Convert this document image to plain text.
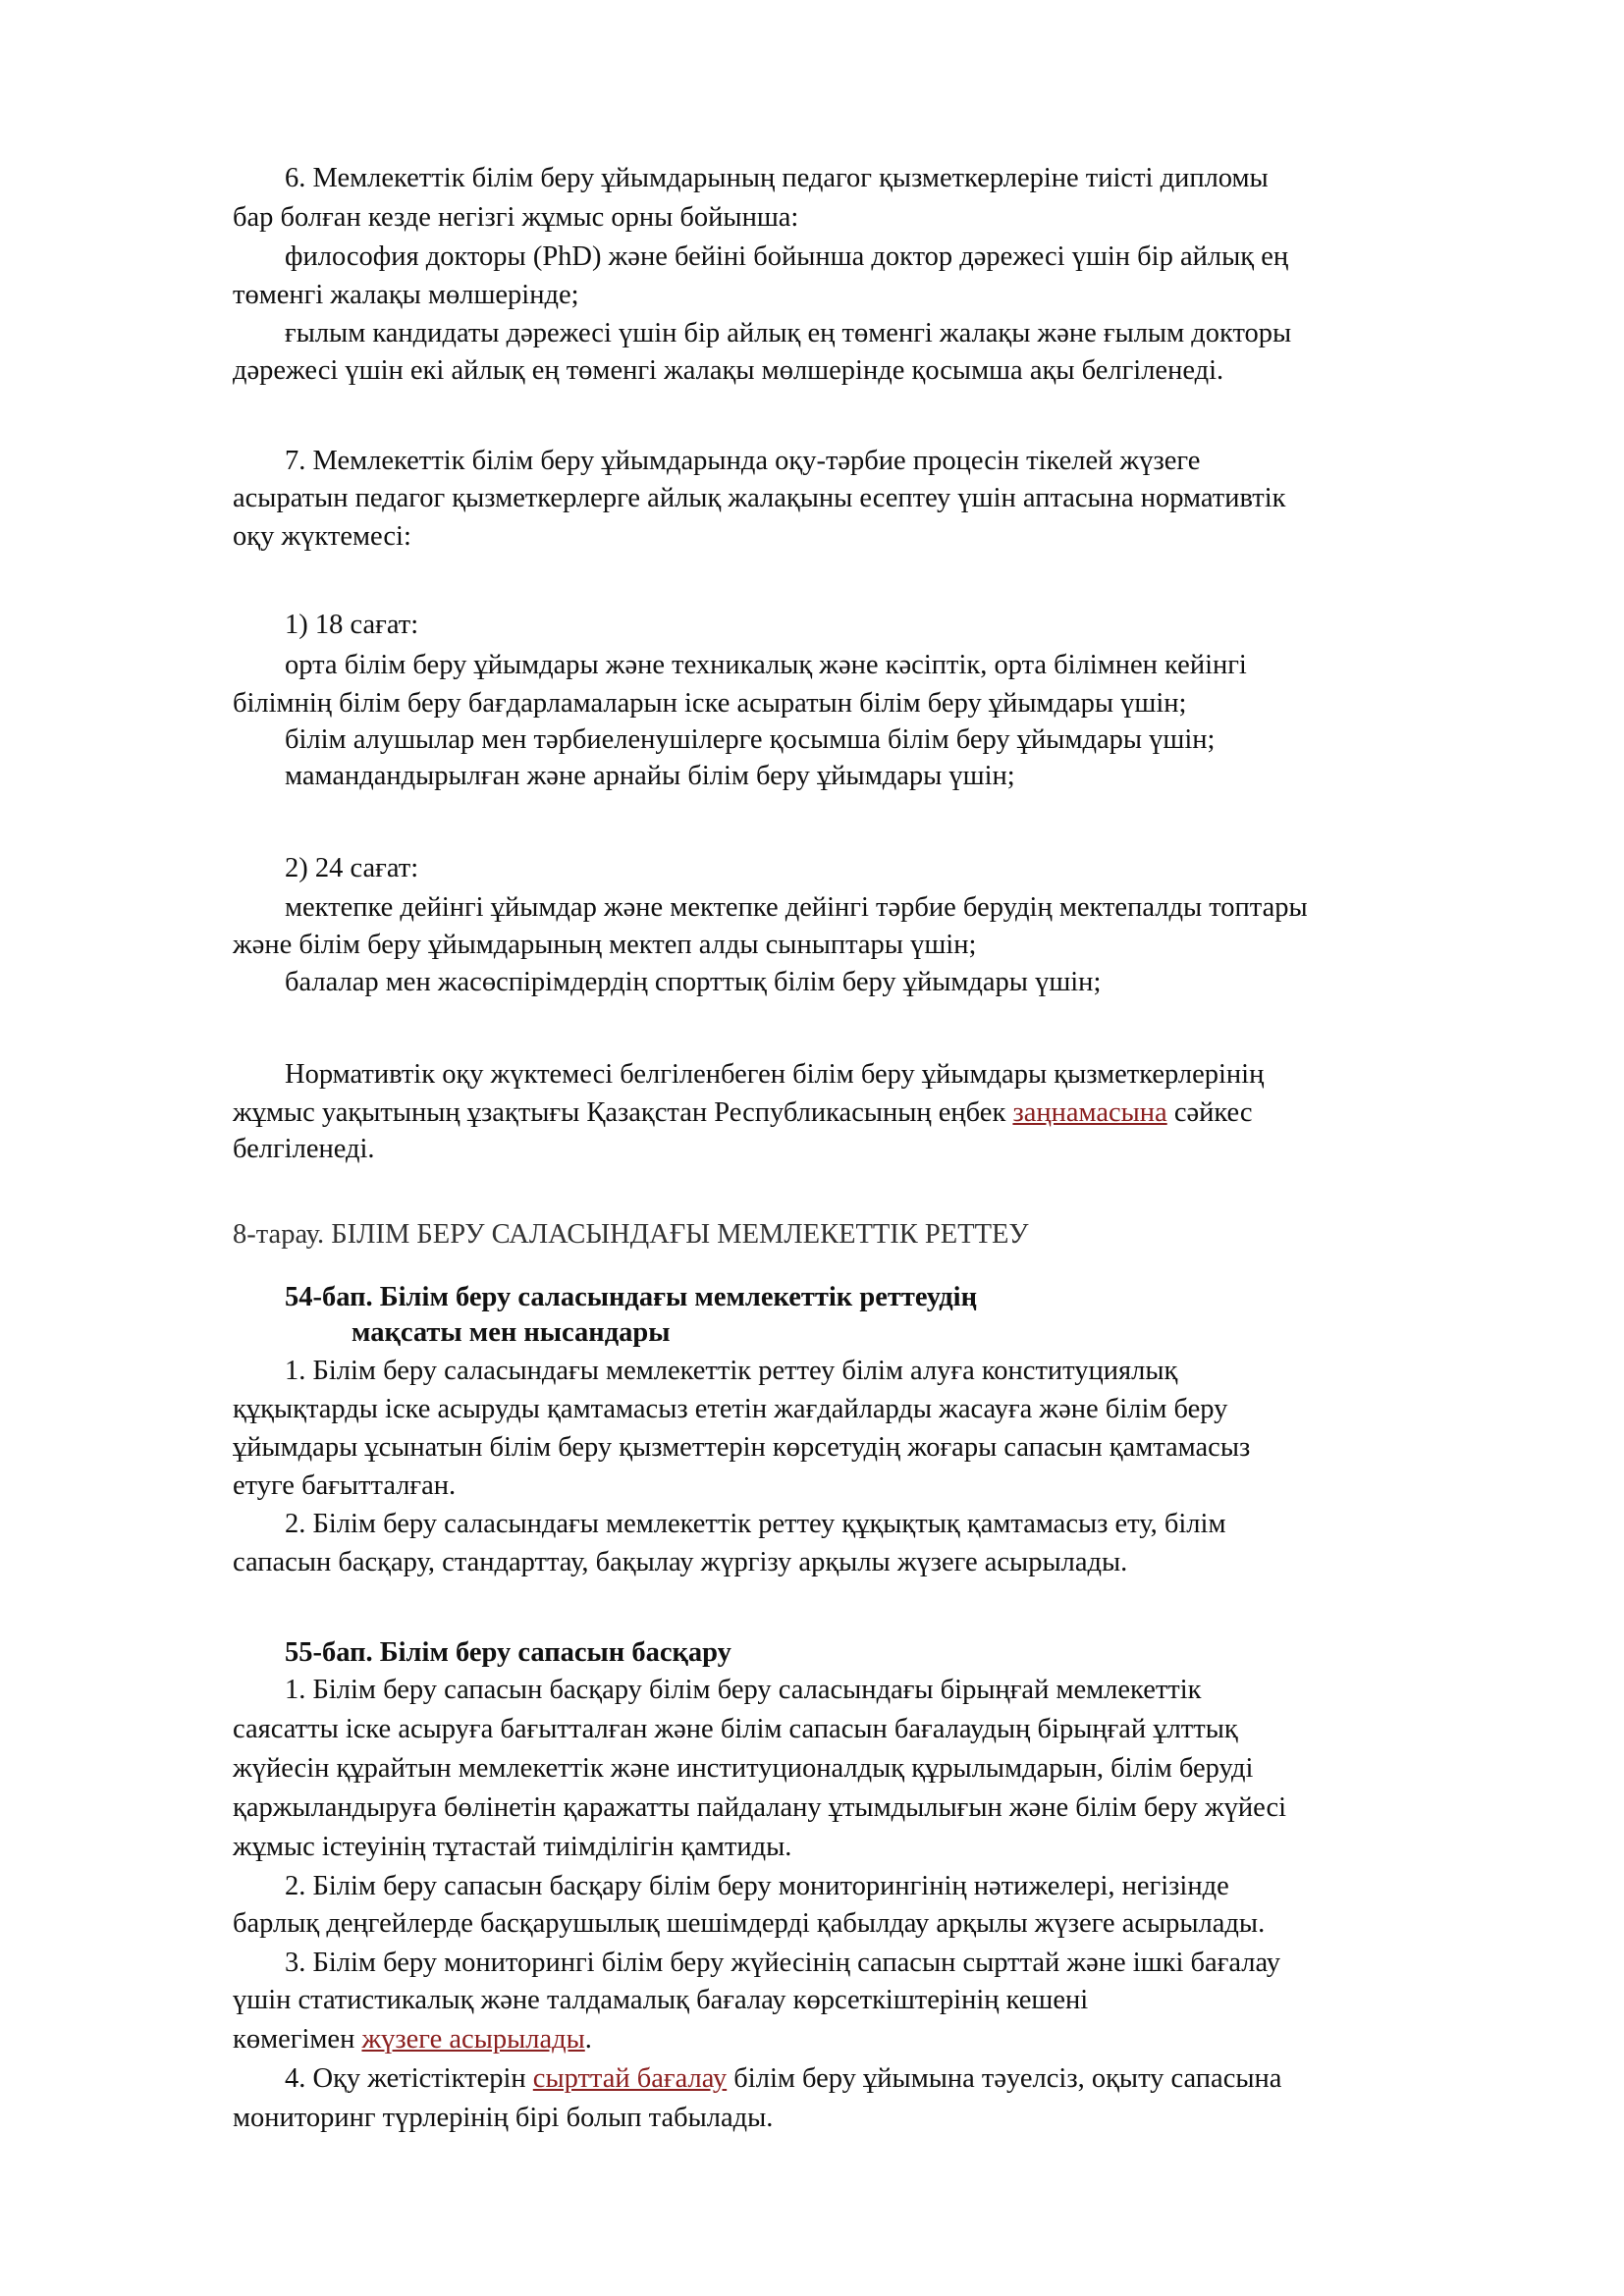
6. Мемлекеттік білім беру ұйымдарының педагог қызметкерлеріне тиісті дипломы
бар болған кезде негізгі жұмыс орны бойынша:
философия докторы (PhD) және бейіні бойынша доктор дәрежесі үшін бір айлық ең
төменгі жалақы мөлшерінде;
ғылым кандидаты дәрежесі үшін бір айлық ең төменгі жалақы және ғылым докторы
дәрежесі үшін екі айлық ең төменгі жалақы мөлшерінде қосымша ақы белгіленеді.
7. Мемлекеттік білім беру ұйымдарында оқу-тәрбие процесін тікелей жүзеге
асыратын педагог қызметкерлерге айлық жалақыны есептеу үшін аптасына нормативтік
оқу жүктемесі:
1) 18 сағат:
орта білім беру ұйымдары және техникалық және кәсіптік, орта білімнен кейінгі
білімнің білім беру бағдарламаларын іске асыратын білім беру ұйымдары үшін;
білім алушылар мен тәрбиеленушілерге қосымша білім беру ұйымдары үшін;
мамандандырылған және арнайы білім беру ұйымдары үшін;
2) 24 сағат:
мектепке дейінгі ұйымдар және мектепке дейінгі тәрбие берудің мектепалды топтары
және білім беру ұйымдарының мектеп алды сыныптары үшін;
балалар мен жасөспірімдердің спорттық білім беру ұйымдары үшін;
Нормативтік оқу жүктемесі белгіленбеген білім беру ұйымдары қызметкерлерінің
жұмыс уақытының ұзақтығы Қазақстан Республикасының еңбек заңнамасына сәйкес
белгіленеді.
8-тарау. БІЛІМ БЕРУ САЛАСЫНДАҒЫ МЕМЛЕКЕТТІК РЕТТЕУ
54-бап. Білім беру саласындағы мемлекеттік реттеудің
мақсаты мен нысандары
1. Білім беру саласындағы мемлекеттік реттеу білім алуға конституциялық
құқықтарды іске асыруды қамтамасыз ететін жағдайларды жасауға және білім беру
ұйымдары ұсынатын білім беру қызметтерін көрсетудің жоғары сапасын қамтамасыз
етуге бағытталған.
2. Білім беру саласындағы мемлекеттік реттеу құқықтық қамтамасыз ету, білім
сапасын басқару, стандарттау, бақылау жүргізу арқылы жүзеге асырылады.
55-бап. Білім беру сапасын басқару
1. Білім беру сапасын басқару білім беру саласындағы бірыңғай мемлекеттік
саясатты іске асыруға бағытталған және білім сапасын бағалаудың бірыңғай ұлттық
жүйесін құрайтын мемлекеттік және институционалдық құрылымдарын, білім беруді
қаржыландыруға бөлінетін қаражатты пайдалану ұтымдылығын және білім беру жүйесі
жұмыс істеуінің тұтастай тиімділігін қамтиды.
2. Білім беру сапасын басқару білім беру мониторингінің нәтижелері, негізінде
барлық деңгейлерде басқарушылық шешімдерді қабылдау арқылы жүзеге асырылады.
3. Білім беру мониторингі білім беру жүйесінің сапасын сырттай және ішкі бағалау
үшін статистикалық және талдамалық бағалау көрсеткіштерінің кешені
көмегімен жүзеге асырылады.
4. Оқу жетістіктерін сырттай бағалау білім беру ұйымына тәуелсіз, оқыту сапасына
мониторинг түрлерінің бірі болып табылады.
